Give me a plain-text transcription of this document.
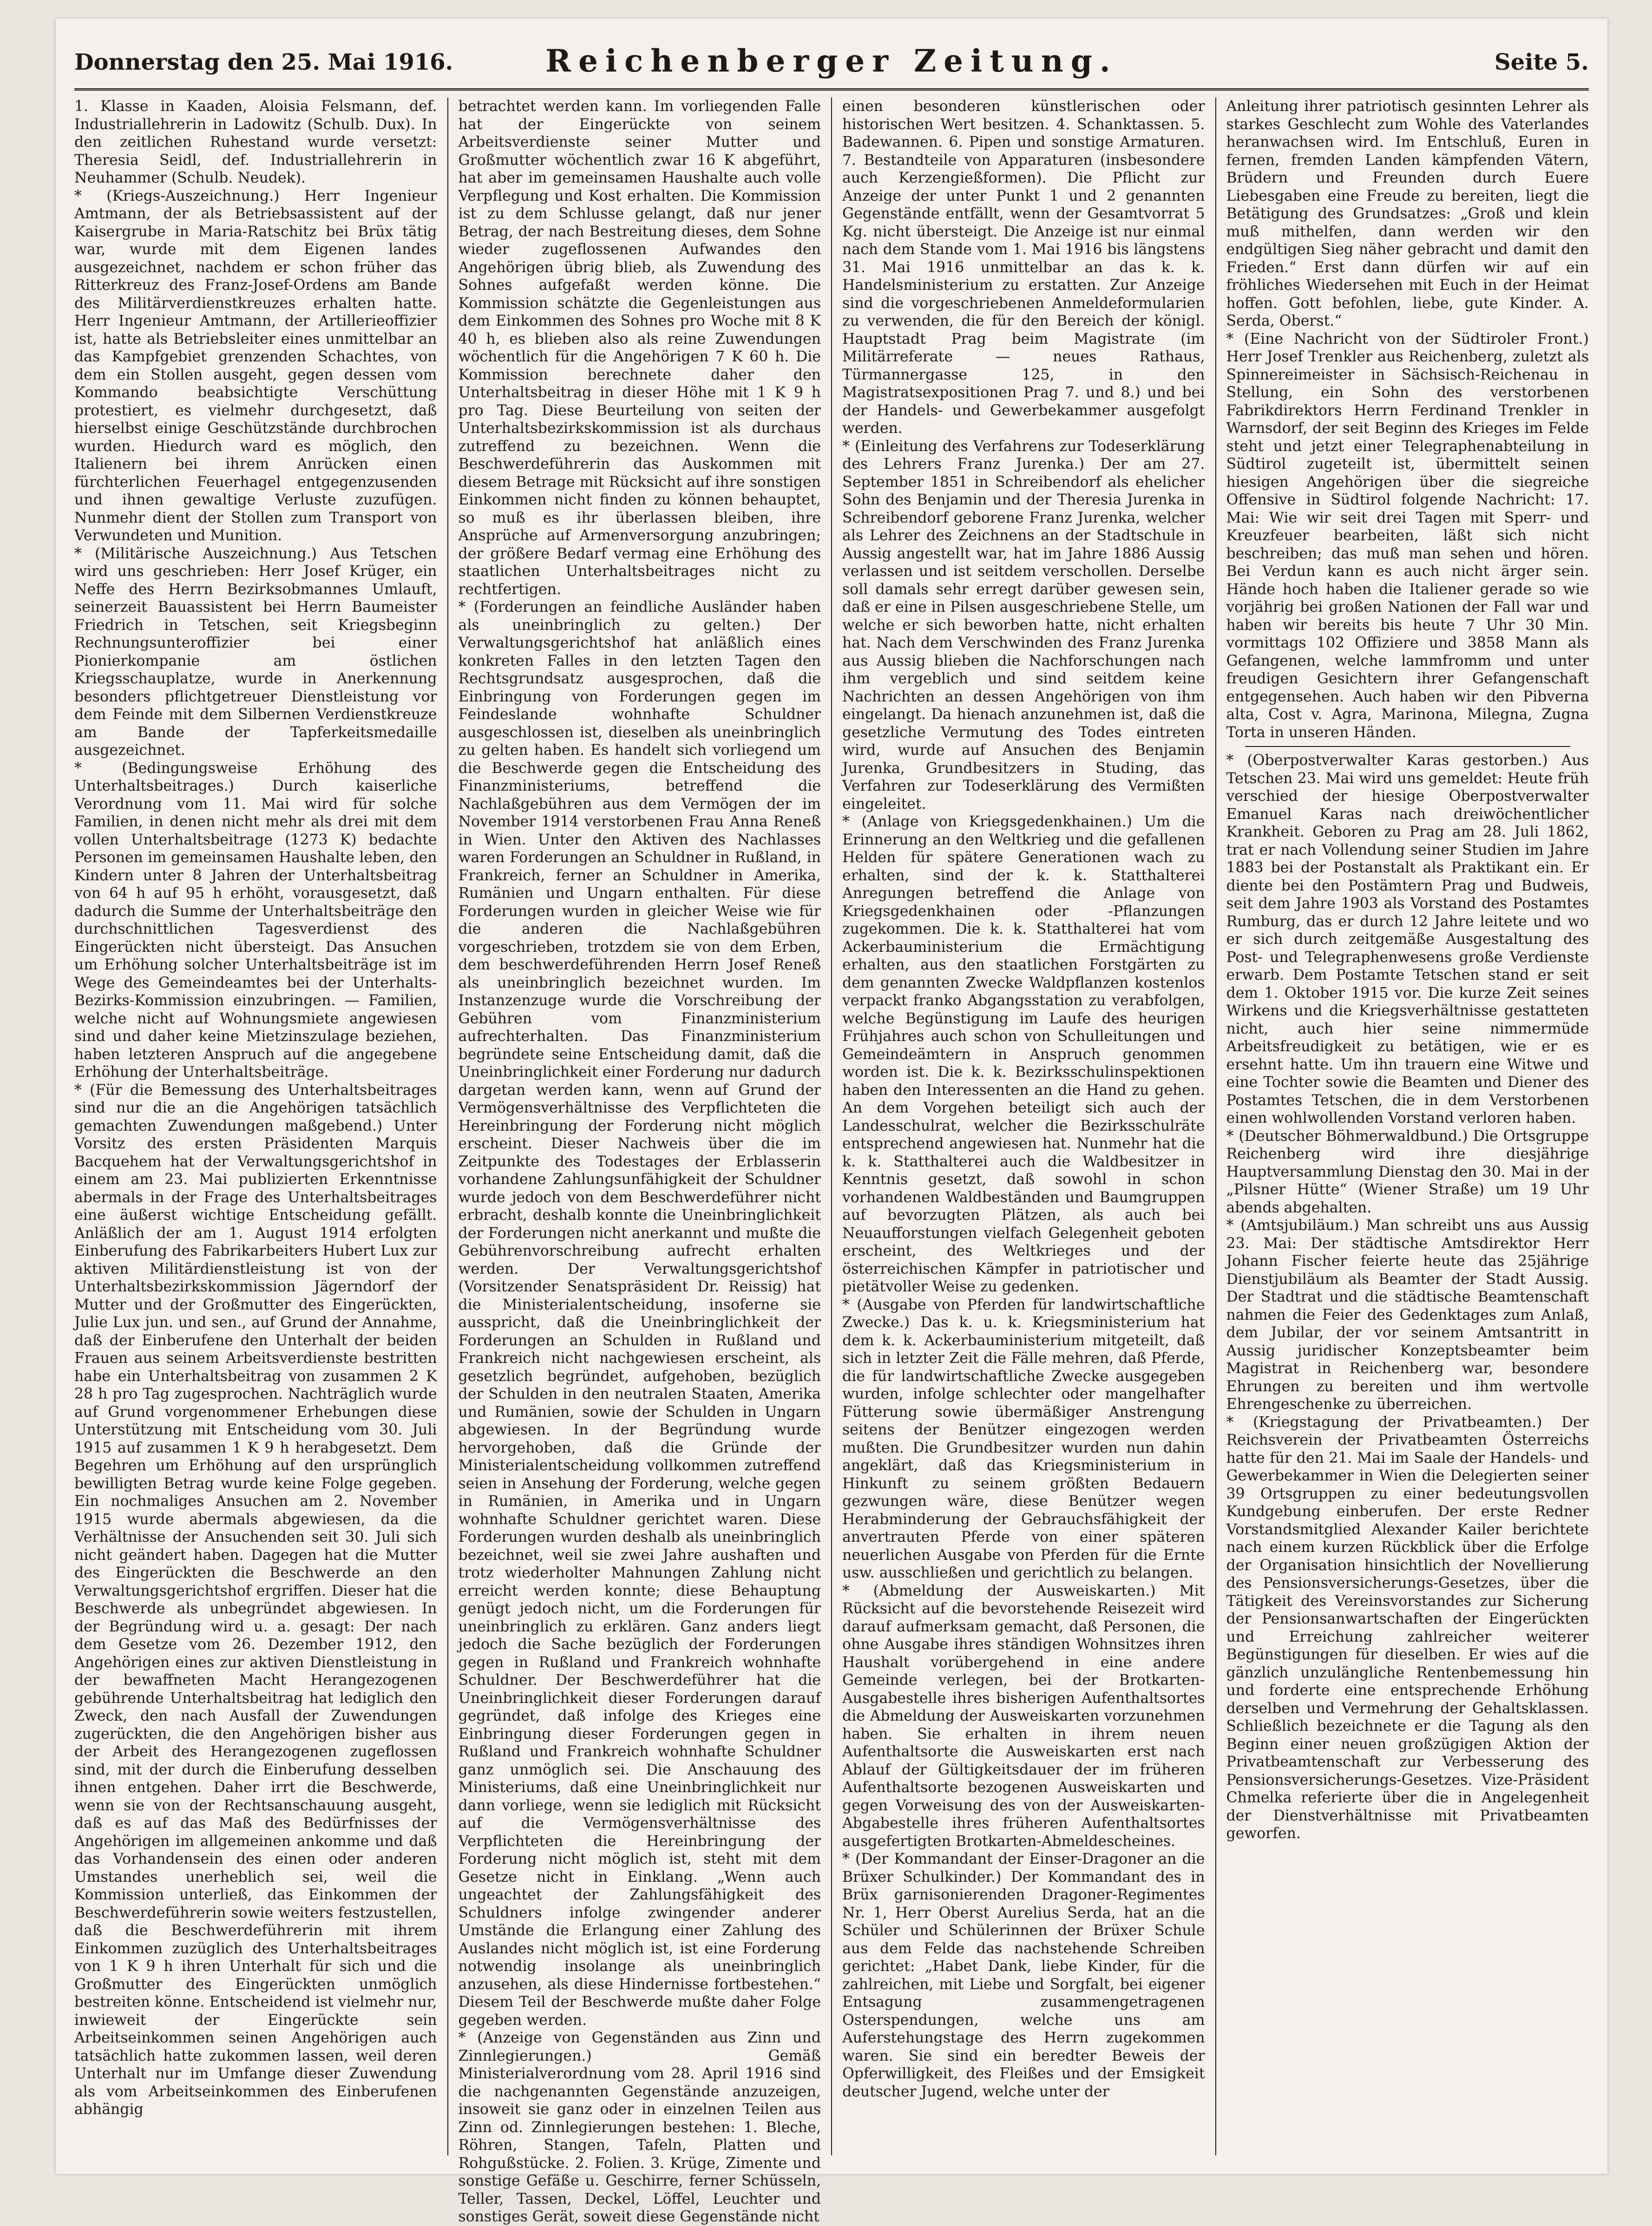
Donnerstag den 25. Mai 1916.	Reichenberger Zeitung.	Seite 5.

1. Klasse in Kaaden, Aloisia Felsmann, def. Industriallehrerin in Ladowitz (Schulb. Dux). In den zeitlichen Ruhestand wurde versetzt: Theresia Seidl, def. Industriallehrerin in Neuhammer (Schulb. Neudek).

* (Kriegs-Auszeichnung.) Herr Ingenieur Amtmann, der als Betriebsassistent auf der Kaisergrube in Maria-Ratschitz bei Brüx tätig war, wurde mit dem Eigenen landes ausgezeichnet, nachdem er schon früher das Ritterkreuz des Franz-Josef-Ordens am Bande des Militärverdienstkreuzes erhalten hatte. Herr Ingenieur Amtmann, der Artillerieoffizier ist, hatte als Betriebsleiter eines unmittelbar an das Kampfgebiet grenzenden Schachtes, von dem ein Stollen ausgeht, gegen dessen vom Kommando beabsichtigte Verschüttung protestiert, es vielmehr durchgesetzt, daß hierselbst einige Geschützstände durchbrochen wurden. Hiedurch ward es möglich, den Italienern bei ihrem Anrücken einen fürchterlichen Feuerhagel entgegenzusenden und ihnen gewaltige Verluste zuzufügen. Nunmehr dient der Stollen zum Transport von Verwundeten und Munition.

* (Militärische Auszeichnung.) Aus Tetschen wird uns geschrieben: Herr Josef Krüger, ein Neffe des Herrn Bezirksobmannes Umlauft, seinerzeit Bauassistent bei Herrn Baumeister Friedrich in Tetschen, seit Kriegsbeginn Rechnungsunteroffizier bei einer Pionierkompanie am östlichen Kriegsschauplatze, wurde in Anerkennung besonders pflichtgetreuer Dienstleistung vor dem Feinde mit dem Silbernen Verdienstkreuze am Bande der Tapferkeitsmedaille ausgezeichnet.

* (Bedingungsweise Erhöhung des Unterhaltsbeitrages.) Durch kaiserliche Verordnung vom 11. Mai wird für solche Familien, in denen nicht mehr als drei mit dem vollen Unterhaltsbeitrage (1273 K) bedachte Personen im gemeinsamen Haushalte leben, den Kindern unter 8 Jahren der Unterhaltsbeitrag von 64 h auf 95 h erhöht, vorausgesetzt, daß dadurch die Summe der Unterhaltsbeiträge den durchschnittlichen Tagesverdienst des Eingerückten nicht übersteigt. Das Ansuchen um Erhöhung solcher Unterhaltsbeiträge ist im Wege des Gemeindeamtes bei der Unterhalts-Bezirks-Kommission einzubringen. — Familien, welche nicht auf Wohnungsmiete angewiesen sind und daher keine Mietzinszulage beziehen, haben letzteren Anspruch auf die angegebene Erhöhung der Unterhaltsbeiträge.

* (Für die Bemessung des Unterhaltsbeitrages sind nur die an die Angehörigen tatsächlich gemachten Zuwendungen maßgebend.) Unter Vorsitz des ersten Präsidenten Marquis Bacquehem hat der Verwaltungsgerichtshof in einem am 23. Mai publizierten Erkenntnisse abermals in der Frage des Unterhaltsbeitrages eine äußerst wichtige Entscheidung gefällt. Anläßlich der am 1. August 1914 erfolgten Einberufung des Fabrikarbeiters Hubert Lux zur aktiven Militärdienstleistung ist von der Unterhaltsbezirkskommission Jägerndorf der Mutter und der Großmutter des Eingerückten, Julie Lux jun. und sen., auf Grund der Annahme, daß der Einberufene den Unterhalt der beiden Frauen aus seinem Arbeitsverdienste bestritten habe ein Unterhaltsbeitrag von zusammen 2 K 28 h pro Tag zugesprochen. Nachträglich wurde auf Grund vorgenommener Erhebungen diese Unterstützung mit Entscheidung vom 30. Juli 1915 auf zusammen 1 K 9 h herabgesetzt. Dem Begehren um Erhöhung auf den ursprünglich bewilligten Betrag wurde keine Folge gegeben. Ein nochmaliges Ansuchen am 2. November 1915 wurde abermals abgewiesen, da die Verhältnisse der Ansuchenden seit 30. Juli sich nicht geändert haben. Dagegen hat die Mutter des Eingerückten die Beschwerde an den Verwaltungsgerichtshof ergriffen. Dieser hat die Beschwerde als unbegründet abgewiesen. In der Begründung wird u. a. gesagt: Der nach dem Gesetze vom 26. Dezember 1912, den Angehörigen eines zur aktiven Dienstleistung in der bewaffneten Macht Herangezogenen gebührende Unterhaltsbeitrag hat lediglich den Zweck, den nach Ausfall der Zuwendungen zugerückten, die den Angehörigen bisher aus der Arbeit des Herangezogenen zugeflossen sind, mit der durch die Einberufung desselben ihnen entgehen. Daher irrt die Beschwerde, wenn sie von der Rechtsanschauung ausgeht, daß es auf das Maß des Bedürfnisses der Angehörigen im allgemeinen ankomme und daß das Vorhandensein des einen oder anderen Umstandes unerheblich sei, weil die Kommission unterließ, das Einkommen der Beschwerdeführerin sowie weiters festzustellen, daß die Beschwerdeführerin mit ihrem Einkommen zuzüglich des Unterhaltsbeitrages von 1 K 9 h ihren Unterhalt für sich und die Großmutter des Eingerückten unmöglich bestreiten könne. Entscheidend ist vielmehr nur, inwieweit der Eingerückte sein Arbeitseinkommen seinen Angehörigen auch tatsächlich hatte zukommen lassen, weil deren Unterhalt nur im Umfange dieser Zuwendung als vom Arbeitseinkommen des Einberufenen abhängig

betrachtet werden kann. Im vorliegenden Falle hat der Eingerückte von seinem Arbeitsverdienste seiner Mutter und Großmutter wöchentlich zwar 16 K abgeführt, hat aber im gemeinsamen Haushalte auch volle Verpflegung und Kost erhalten. Die Kommission ist zu dem Schlusse gelangt, daß nur jener Betrag, der nach Bestreitung dieses, dem Sohne wieder zugeflossenen Aufwandes den Angehörigen übrig blieb, als Zuwendung des Sohnes aufgefaßt werden könne. Die Kommission schätzte die Gegenleistungen aus dem Einkommen des Sohnes pro Woche mit 8 K 40 h, es blieben also als reine Zuwendungen wöchentlich für die Angehörigen 7 K 60 h. Die Kommission berechnete daher den Unterhaltsbeitrag in dieser Höhe mit 1 K 9 h pro Tag. Diese Beurteilung von seiten der Unterhaltsbezirkskommission ist als durchaus zutreffend zu bezeichnen. Wenn die Beschwerdeführerin das Auskommen mit diesem Betrage mit Rücksicht auf ihre sonstigen Einkommen nicht finden zu können behauptet, so muß es ihr überlassen bleiben, ihre Ansprüche auf Armenversorgung anzubringen; der größere Bedarf vermag eine Erhöhung des staatlichen Unterhaltsbeitrages nicht zu rechtfertigen.

* (Forderungen an feindliche Ausländer haben als uneinbringlich zu gelten.) Der Verwaltungsgerichtshof hat anläßlich eines konkreten Falles in den letzten Tagen den Rechtsgrundsatz ausgesprochen, daß die Einbringung von Forderungen gegen im Feindeslande wohnhafte Schuldner ausgeschlossen ist, dieselben als uneinbringlich zu gelten haben. Es handelt sich vorliegend um die Beschwerde gegen die Entscheidung des Finanzministeriums, betreffend die Nachlaßgebühren aus dem Vermögen der im November 1914 verstorbenen Frau Anna Reneß in Wien. Unter den Aktiven des Nachlasses waren Forderungen an Schuldner in Rußland, in Frankreich, ferner an Schuldner in Amerika, Rumänien und Ungarn enthalten. Für diese Forderungen wurden in gleicher Weise wie für die anderen die Nachlaßgebühren vorgeschrieben, trotzdem sie von dem Erben, dem beschwerdeführenden Herrn Josef Reneß als uneinbringlich bezeichnet wurden. Im Instanzenzuge wurde die Vorschreibung der Gebühren vom Finanzministerium aufrechterhalten. Das Finanzministerium begründete seine Entscheidung damit, daß die Uneinbringlichkeit einer Forderung nur dadurch dargetan werden kann, wenn auf Grund der Vermögensverhältnisse des Verpflichteten die Hereinbringung der Forderung nicht möglich erscheint. Dieser Nachweis über die im Zeitpunkte des Todestages der Erblasserin vorhandene Zahlungsunfähigkeit der Schuldner wurde jedoch von dem Beschwerdeführer nicht erbracht, deshalb konnte die Uneinbringlichkeit der Forderungen nicht anerkannt und mußte die Gebührenvorschreibung aufrecht erhalten werden. Der Verwaltungsgerichtshof (Vorsitzender Senatspräsident Dr. Reissig) hat die Ministerialentscheidung, insoferne sie ausspricht, daß die Uneinbringlichkeit der Forderungen an Schulden in Rußland und Frankreich nicht nachgewiesen erscheint, als gesetzlich begründet, aufgehoben, bezüglich der Schulden in den neutralen Staaten, Amerika und Rumänien, sowie der Schulden in Ungarn abgewiesen. In der Begründung wurde hervorgehoben, daß die Gründe der Ministerialentscheidung vollkommen zutreffend seien in Ansehung der Forderung, welche gegen in Rumänien, in Amerika und in Ungarn wohnhafte Schuldner gerichtet waren. Diese Forderungen wurden deshalb als uneinbringlich bezeichnet, weil sie zwei Jahre aushaften und trotz wiederholter Mahnungen Zahlung nicht erreicht werden konnte; diese Behauptung genügt jedoch nicht, um die Forderungen für uneinbringlich zu erklären. Ganz anders liegt jedoch die Sache bezüglich der Forderungen gegen in Rußland und Frankreich wohnhafte Schuldner. Der Beschwerdeführer hat die Uneinbringlichkeit dieser Forderungen darauf gegründet, daß infolge des Krieges eine Einbringung dieser Forderungen gegen in Rußland und Frankreich wohnhafte Schuldner ganz unmöglich sei. Die Anschauung des Ministeriums, daß eine Uneinbringlichkeit nur dann vorliege, wenn sie lediglich mit Rücksicht auf die Vermögensverhältnisse des Verpflichteten die Hereinbringung der Forderung nicht möglich ist, steht mit dem Gesetze nicht in Einklang. „Wenn auch ungeachtet der Zahlungsfähigkeit des Schuldners infolge zwingender anderer Umstände die Erlangung einer Zahlung des Auslandes nicht möglich ist, ist eine Forderung notwendig insolange als uneinbringlich anzusehen, als diese Hindernisse fortbestehen.“ Diesem Teil der Beschwerde mußte daher Folge gegeben werden.

* (Anzeige von Gegenständen aus Zinn und Zinnlegierungen.) Gemäß Ministerialverordnung vom 28. April 1916 sind die nachgenannten Gegenstände anzuzeigen, insoweit sie ganz oder in einzelnen Teilen aus Zinn od. Zinnlegierungen bestehen: 1. Bleche, Röhren, Stangen, Tafeln, Platten und Rohgußstücke. 2. Folien. 3. Krüge, Zimente und sonstige Gefäße u. Geschirre, ferner Schüsseln, Teller, Tassen, Deckel, Löffel, Leuchter und sonstiges Gerät, soweit diese Gegenstände nicht

einen besonderen künstlerischen oder historischen Wert besitzen. 4. Schanktassen. 5. Badewannen. 6. Pipen und sonstige Armaturen. 7. Bestandteile von Apparaturen (insbesondere auch Kerzengießformen). Die Pflicht zur Anzeige der unter Punkt 1 und 2 genannten Gegenstände entfällt, wenn der Gesamtvorrat 5 Kg. nicht übersteigt. Die Anzeige ist nur einmal nach dem Stande vom 1. Mai 1916 bis längstens 31. Mai 1916 unmittelbar an das k. k. Handelsministerium zu erstatten. Zur Anzeige sind die vorgeschriebenen Anmeldeformularien zu verwenden, die für den Bereich der königl. Hauptstadt Prag beim Magistrate (im Militärreferate — neues Rathaus, Türmannergasse 125, in den Magistratsexpositionen Prag 7. und 8.) und bei der Handels- und Gewerbekammer ausgefolgt werden.

* (Einleitung des Verfahrens zur Todeserklärung des Lehrers Franz Jurenka.) Der am 27. September 1851 in Schreibendorf als ehelicher Sohn des Benjamin und der Theresia Jurenka in Schreibendorf geborene Franz Jurenka, welcher als Lehrer des Zeichnens an der Stadtschule in Aussig angestellt war, hat im Jahre 1886 Aussig verlassen und ist seitdem verschollen. Derselbe soll damals sehr erregt darüber gewesen sein, daß er eine in Pilsen ausgeschriebene Stelle, um welche er sich beworben hatte, nicht erhalten hat. Nach dem Verschwinden des Franz Jurenka aus Aussig blieben die Nachforschungen nach ihm vergeblich und sind seitdem keine Nachrichten an dessen Angehörigen von ihm eingelangt. Da hienach anzunehmen ist, daß die gesetzliche Vermutung des Todes eintreten wird, wurde auf Ansuchen des Benjamin Jurenka, Grundbesitzers in Studing, das Verfahren zur Todeserklärung des Vermißten eingeleitet.

* (Anlage von Kriegsgedenkhainen.) Um die Erinnerung an den Weltkrieg und die gefallenen Helden für spätere Generationen wach zu erhalten, sind der k. k. Statthalterei Anregungen betreffend die Anlage von Kriegsgedenkhainen oder -Pflanzungen zugekommen. Die k. k. Statthalterei hat vom Ackerbauministerium die Ermächtigung erhalten, aus den staatlichen Forstgärten zu dem genannten Zwecke Waldpflanzen kostenlos verpackt franko Abgangsstation zu verabfolgen, welche Begünstigung im Laufe des heurigen Frühjahres auch schon von Schulleitungen und Gemeindeämtern in Anspruch genommen worden ist. Die k. k. Bezirksschulinspektionen haben den Interessenten an die Hand zu gehen. An dem Vorgehen beteiligt sich auch der Landesschulrat, welcher die Bezirksschulräte entsprechend angewiesen hat. Nunmehr hat die k. k. Statthalterei auch die Waldbesitzer in Kenntnis gesetzt, daß sowohl in schon vorhandenen Waldbeständen und Baumgruppen auf bevorzugten Plätzen, als auch bei Neuaufforstungen vielfach Gelegenheit geboten erscheint, des Weltkrieges und der österreichischen Kämpfer in patriotischer und pietätvoller Weise zu gedenken.

* (Ausgabe von Pferden für landwirtschaftliche Zwecke.) Das k. u. k. Kriegsministerium hat dem k. k. Ackerbauministerium mitgeteilt, daß sich in letzter Zeit die Fälle mehren, daß Pferde, die für landwirtschaftliche Zwecke ausgegeben wurden, infolge schlechter oder mangelhafter Fütterung sowie übermäßiger Anstrengung seitens der Benützer eingezogen werden mußten. Die Grundbesitzer wurden nun dahin angeklärt, daß das Kriegsministerium in Hinkunft zu seinem größten Bedauern gezwungen wäre, diese Benützer wegen Herabminderung der Gebrauchsfähigkeit der anvertrauten Pferde von einer späteren neuerlichen Ausgabe von Pferden für die Ernte usw. ausschließen und gerichtlich zu belangen.

* (Abmeldung der Ausweiskarten.) Mit Rücksicht auf die bevorstehende Reisezeit wird darauf aufmerksam gemacht, daß Personen, die ohne Ausgabe ihres ständigen Wohnsitzes ihren Haushalt vorübergehend in eine andere Gemeinde verlegen, bei der Brotkarten-Ausgabestelle ihres bisherigen Aufenthaltsortes die Abmeldung der Ausweiskarten vorzunehmen haben. Sie erhalten in ihrem neuen Aufenthaltsorte die Ausweiskarten erst nach Ablauf der Gültigkeitsdauer der im früheren Aufenthaltsorte bezogenen Ausweiskarten und gegen Vorweisung des von der Ausweiskarten-Abgabestelle ihres früheren Aufenthaltsortes ausgefertigten Brotkarten-Abmeldescheines.

* (Der Kommandant der Einser-Dragoner an die Brüxer Schulkinder.) Der Kommandant des in Brüx garnisonierenden Dragoner-Regimentes Nr. 1, Herr Oberst Aurelius Serda, hat an die Schüler und Schülerinnen der Brüxer Schule aus dem Felde das nachstehende Schreiben gerichtet: „Habet Dank, liebe Kinder, für die zahlreichen, mit Liebe und Sorgfalt, bei eigener Entsagung zusammengetragenen Osterspendungen, welche uns am Auferstehungstage des Herrn zugekommen waren. Sie sind ein beredter Beweis der Opferwilligkeit, des Fleißes und der Emsigkeit deutscher Jugend, welche unter der

Anleitung ihrer patriotisch gesinnten Lehrer als starkes Geschlecht zum Wohle des Vaterlandes heranwachsen wird. Im Entschluß, Euren in fernen, fremden Landen kämpfenden Vätern, Brüdern und Freunden durch Euere Liebesgaben eine Freude zu bereiten, liegt die Betätigung des Grundsatzes: „Groß und klein muß mithelfen, dann werden wir den endgültigen Sieg näher gebracht und damit den Frieden.“ Erst dann dürfen wir auf ein fröhliches Wiedersehen mit Euch in der Heimat hoffen. Gott befohlen, liebe, gute Kinder. A. Serda, Oberst.“

* (Eine Nachricht von der Südtiroler Front.) Herr Josef Trenkler aus Reichenberg, zuletzt als Spinnereimeister in Sächsisch-Reichenau in Stellung, ein Sohn des verstorbenen Fabrikdirektors Herrn Ferdinand Trenkler in Warnsdorf, der seit Beginn des Krieges im Felde steht und jetzt einer Telegraphenabteilung in Südtirol zugeteilt ist, übermittelt seinen hiesigen Angehörigen über die siegreiche Offensive in Südtirol folgende Nachricht: 17. Mai: Wie wir seit drei Tagen mit Sperr- und Kreuzfeuer bearbeiten, läßt sich nicht beschreiben; das muß man sehen und hören. Bei Verdun kann es auch nicht ärger sein. Hände hoch haben die Italiener gerade so wie vorjährig bei großen Nationen der Fall war und haben wir bereits bis heute 7 Uhr 30 Min. vormittags 102 Offiziere und 3858 Mann als Gefangenen, welche lammfromm und unter freudigen Gesichtern ihrer Gefangenschaft entgegensehen. Auch haben wir den Pibverna alta, Cost v. Agra, Marinona, Milegna, Zugna Torta in unseren Händen.

* (Oberpostverwalter Karas gestorben.) Aus Tetschen 23. Mai wird uns gemeldet: Heute früh verschied der hiesige Oberpostverwalter Emanuel Karas nach dreiwöchentlicher Krankheit. Geboren zu Prag am 28. Juli 1862, trat er nach Vollendung seiner Studien im Jahre 1883 bei der Postanstalt als Praktikant ein. Er diente bei den Postämtern Prag und Budweis, seit dem Jahre 1903 als Vorstand des Postamtes Rumburg, das er durch 12 Jahre leitete und wo er sich durch zeitgemäße Ausgestaltung des Post- und Telegraphenwesens große Verdienste erwarb. Dem Postamte Tetschen stand er seit dem 1. Oktober 1915 vor. Die kurze Zeit seines Wirkens und die Kriegsverhältnisse gestatteten nicht, auch hier seine nimmermüde Arbeitsfreudigkeit zu betätigen, wie er es ersehnt hatte. Um ihn trauern eine Witwe und eine Tochter sowie die Beamten und Diener des Postamtes Tetschen, die in dem Verstorbenen einen wohlwollenden Vorstand verloren haben.

* (Deutscher Böhmerwaldbund.) Die Ortsgruppe Reichenberg wird ihre diesjährige Hauptversammlung Dienstag den 30. Mai in der „Pilsner Hütte“ (Wiener Straße) um 19 Uhr abends abgehalten.

* (Amtsjubiläum.) Man schreibt uns aus Aussig 23. Mai: Der städtische Amtsdirektor Herr Johann Fischer feierte heute das 25jährige Dienstjubiläum als Beamter der Stadt Aussig. Der Stadtrat und die städtische Beamtenschaft nahmen die Feier des Gedenktages zum Anlaß, dem Jubilar, der vor seinem Amtsantritt in Aussig juridischer Konzeptsbeamter beim Magistrat in Reichenberg war, besondere Ehrungen zu bereiten und ihm wertvolle Ehrengeschenke zu überreichen.

* (Kriegstagung der Privatbeamten.) Der Reichsverein der Privatbeamten Österreichs hatte für den 21. Mai im Saale der Handels- und Gewerbekammer in Wien die Delegierten seiner 39 Ortsgruppen zu einer bedeutungsvollen Kundgebung einberufen. Der erste Redner Vorstandsmitglied Alexander Kailer berichtete nach einem kurzen Rückblick über die Erfolge der Organisation hinsichtlich der Novellierung des Pensionsversicherungs-Gesetzes, über die Tätigkeit des Vereinsvorstandes zur Sicherung der Pensionsanwartschaften der Eingerückten und Erreichung zahlreicher weiterer Begünstigungen für dieselben. Er wies auf die gänzlich unzulängliche Rentenbemessung hin und forderte eine entsprechende Erhöhung derselben und Vermehrung der Gehaltsklassen. Schließlich bezeichnete er die Tagung als den Beginn einer neuen großzügigen Aktion der Privatbeamtenschaft zur Verbesserung des Pensionsversicherungs-Gesetzes. Vize-Präsident Chmelka referierte über die in Angelegenheit der Dienstverhältnisse mit Privatbeamten geworfen.
